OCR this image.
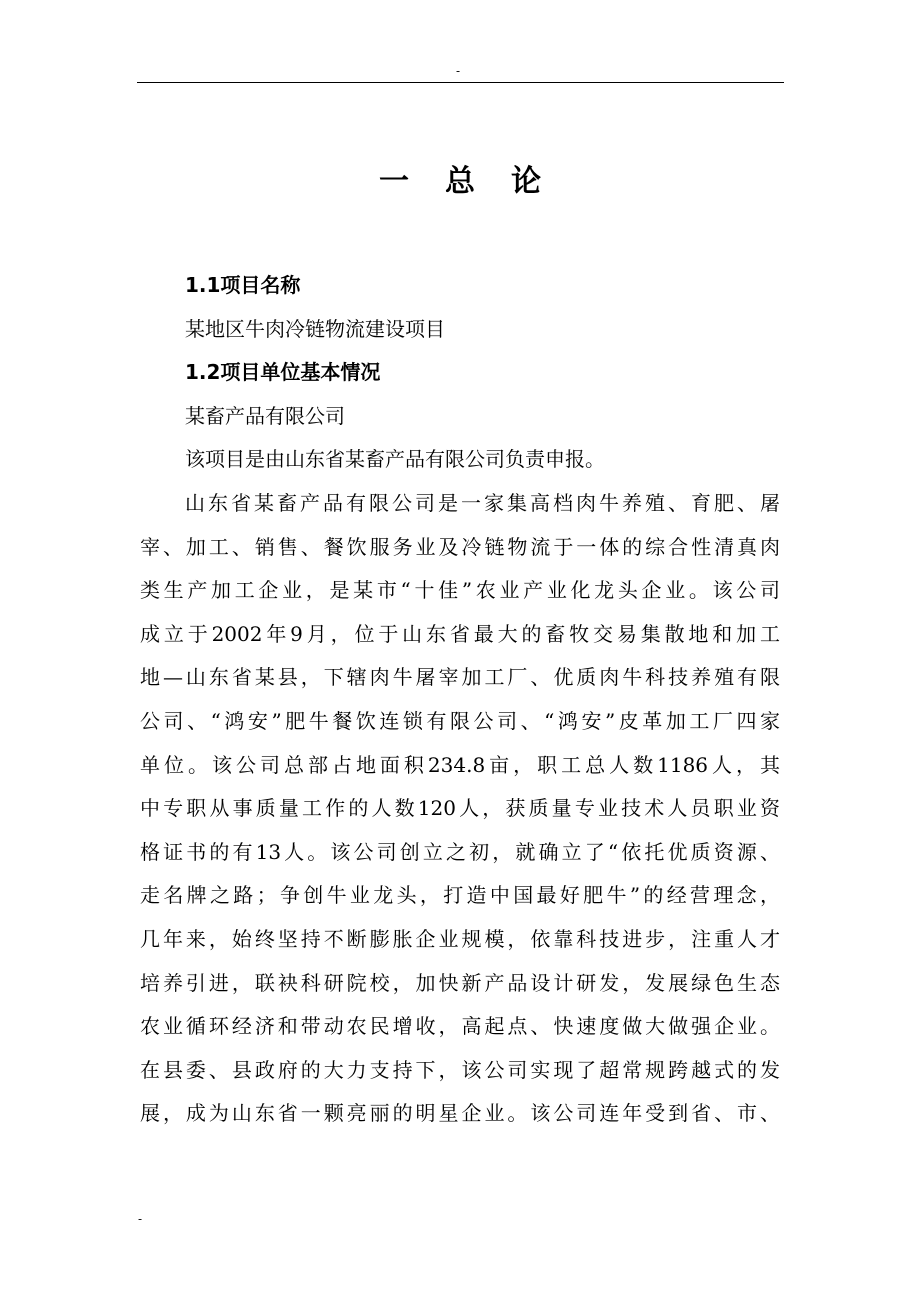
-
一总论
1.1项目名称
某地区牛肉冷链物流建设项目
1.2项目单位基本情况
某畜产品有限公司
该项目是由山东省某畜产品有限公司负责申报。
山东省某畜产品有限公司是一家集高档肉牛养殖、育肥、屠
宰、加工、销售、餐饮服务业及冷链物流于一体的综合性清真肉
类生产加工企业，是某市“十佳”农业产业化龙头企业。该公司
成立于2002年9月，位于山东省最大的畜牧交易集散地和加工
地—山东省某县，下辖肉牛屠宰加工厂、优质肉牛科技养殖有限
公司、“鸿安”肥牛餐饮连锁有限公司、“鸿安”皮革加工厂四家
单位。该公司总部占地面积234.8亩，职工总人数1186人，其
中专职从事质量工作的人数120人，获质量专业技术人员职业资
格证书的有13人。该公司创立之初，就确立了“依托优质资源、
走名牌之路；争创牛业龙头，打造中国最好肥牛”的经营理念，
几年来，始终坚持不断膨胀企业规模，依靠科技进步，注重人才
培养引进，联袂科研院校，加快新产品设计研发，发展绿色生态
农业循环经济和带动农民增收，高起点、快速度做大做强企业。
在县委、县政府的大力支持下，该公司实现了超常规跨越式的发
展，成为山东省一颗亮丽的明星企业。该公司连年受到省、市、
-
